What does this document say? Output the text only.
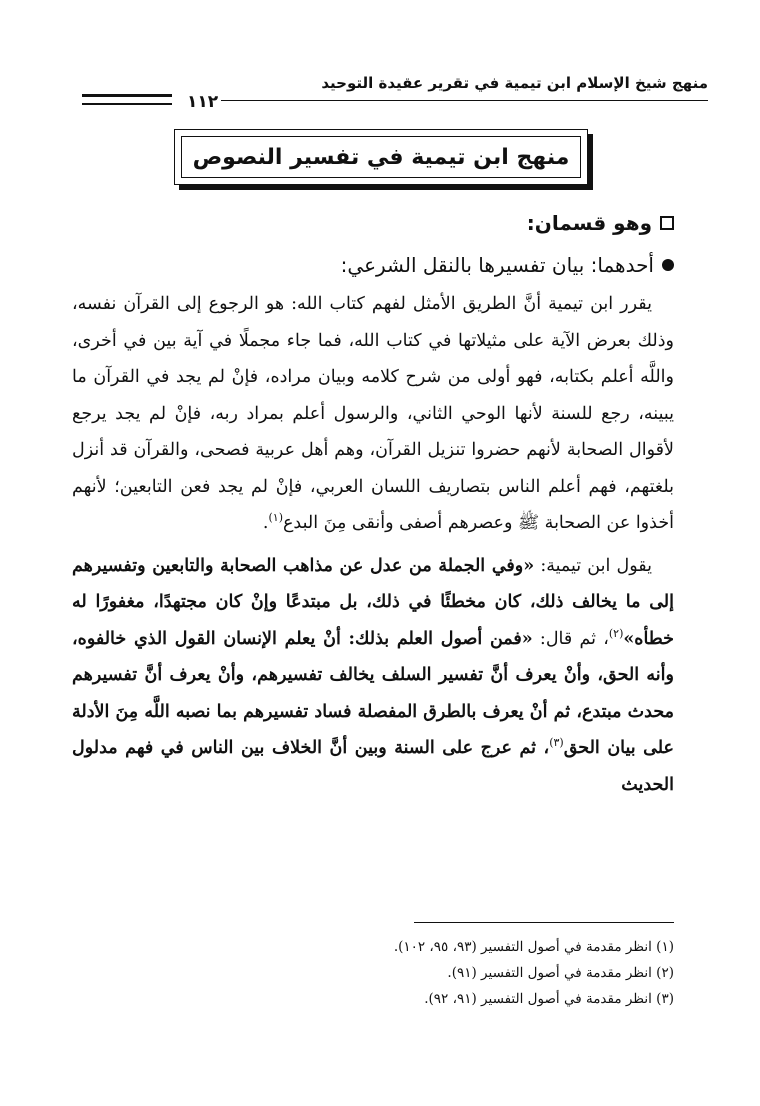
منهج شيخ الإسلام ابن تيمية في تقرير عقيدة التوحيد
١١٢
منهج ابن تيمية في تفسير النصوص
وهو قسمان:
أحدهما: بيان تفسيرها بالنقل الشرعي:

يقرر ابن تيمية أنَّ الطريق الأمثل لفهم كتاب الله: هو الرجوع إلى القرآن نفسه، وذلك بعرض الآية على مثيلاتها في كتاب الله، فما جاء مجملًا في آية بين في أخرى، واللَّه أعلم بكتابه، فهو أولى من شرح كلامه وبيان مراده، فإنْ لم يجد في القرآن ما يبينه، رجع للسنة لأنها الوحي الثاني، والرسول أعلم بمراد ربه، فإنْ لم يجد يرجع لأقوال الصحابة لأنهم حضروا تنزيل القرآن، وهم أهل عربية فصحى، والقرآن قد أنزل بلغتهم، فهم أعلم الناس بتصاريف اللسان العربي، فإنْ لم يجد فعن التابعين؛ لأنهم أخذوا عن الصحابة ﷺ وعصرهم أصفى وأنقى مِنَ البدع$^{(١)}$.

يقول ابن تيمية: «وفي الجملة من عدل عن مذاهب الصحابة والتابعين وتفسيرهم إلى ما يخالف ذلك، كان مخطئًا في ذلك، بل مبتدعًا وإنْ كان مجتهدًا، مغفورًا له خطأه»$^{(٢)}$، ثم قال: «فمن أصول العلم بذلك: أنْ يعلم الإنسان القول الذي خالفوه، وأنه الحق، وأنْ يعرف أنَّ تفسير السلف يخالف تفسيرهم، وأنْ يعرف أنَّ تفسيرهم محدث مبتدع، ثم أنْ يعرف بالطرق المفصلة فساد تفسيرهم بما نصبه اللَّه مِنَ الأدلة على بيان الحق$^{(٣)}$، ثم عرج على السنة وبين أنَّ الخلاف بين الناس في فهم مدلول الحديث

(١) انظر مقدمة في أصول التفسير (٩٣، ٩٥، ١٠٢).
(٢) انظر مقدمة في أصول التفسير (٩١).
(٣) انظر مقدمة في أصول التفسير (٩١، ٩٢).
